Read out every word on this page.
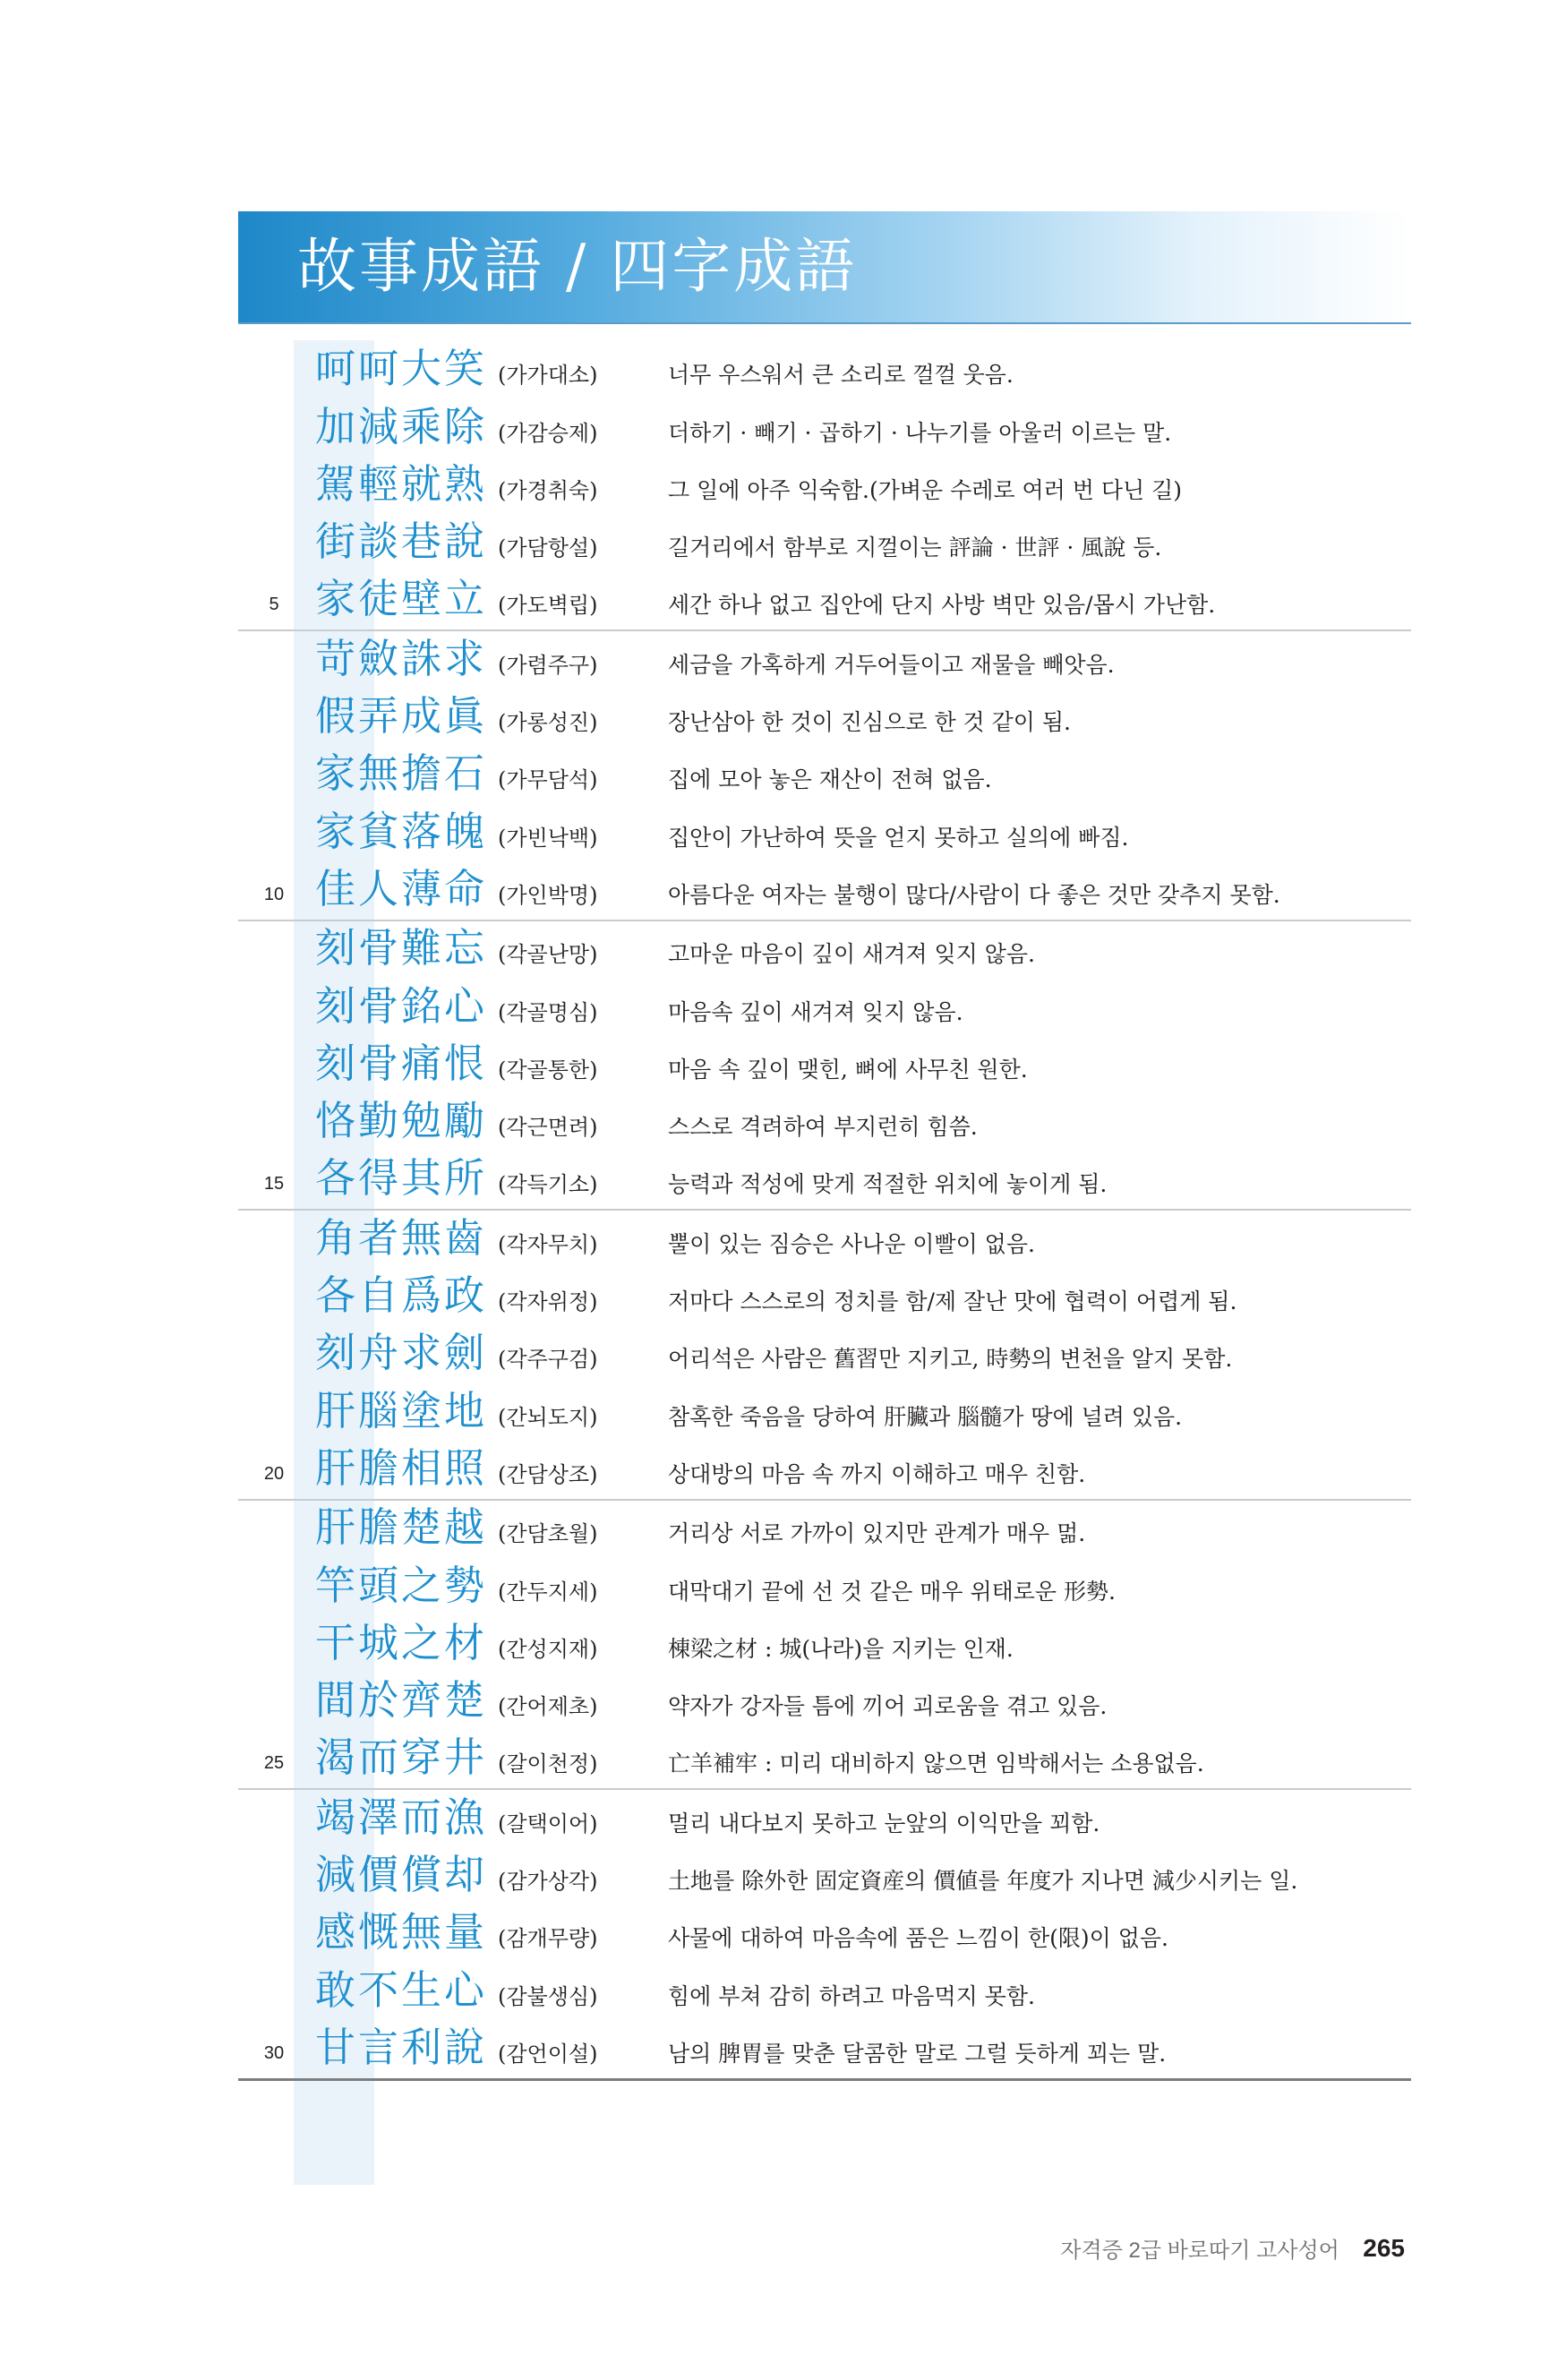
故事成語 / 四字成語
呵呵大笑 (가가대소)	너무 우스워서 큰 소리로 껄껄 웃음.
加減乘除 (가감승제)	더하기 · 빼기 · 곱하기 · 나누기를 아울러 이르는 말.
駕輕就熟 (가경취숙)	그 일에 아주 익숙함.(가벼운 수레로 여러 번 다닌 길)
街談巷說 (가담항설)	길거리에서 함부로 지껄이는 評論 · 世評 · 風說 등.
5 家徒壁立 (가도벽립)	세간 하나 없고 집안에 단지 사방 벽만 있음/몹시 가난함.
苛斂誅求 (가렴주구)	세금을 가혹하게 거두어들이고 재물을 빼앗음.
假弄成眞 (가롱성진)	장난삼아 한 것이 진심으로 한 것 같이 됨.
家無擔石 (가무담석)	집에 모아 놓은 재산이 전혀 없음.
家貧落魄 (가빈낙백)	집안이 가난하여 뜻을 얻지 못하고 실의에 빠짐.
10 佳人薄命 (가인박명)	아름다운 여자는 불행이 많다/사람이 다 좋은 것만 갖추지 못함.
刻骨難忘 (각골난망)	고마운 마음이 깊이 새겨져 잊지 않음.
刻骨銘心 (각골명심)	마음속 깊이 새겨져 잊지 않음.
刻骨痛恨 (각골통한)	마음 속 깊이 맺힌, 뼈에 사무친 원한.
恪勤勉勵 (각근면려)	스스로 격려하여 부지런히 힘씀.
15 各得其所 (각득기소)	능력과 적성에 맞게 적절한 위치에 놓이게 됨.
角者無齒 (각자무치)	뿔이 있는 짐승은 사나운 이빨이 없음.
各自爲政 (각자위정)	저마다 스스로의 정치를 함/제 잘난 맛에 협력이 어렵게 됨.
刻舟求劍 (각주구검)	어리석은 사람은 舊習만 지키고, 時勢의 변천을 알지 못함.
肝腦塗地 (간뇌도지)	참혹한 죽음을 당하여 肝臟과 腦髓가 땅에 널려 있음.
20 肝膽相照 (간담상조)	상대방의 마음 속 까지 이해하고 매우 친함.
肝膽楚越 (간담초월)	거리상 서로 가까이 있지만 관계가 매우 멂.
竿頭之勢 (간두지세)	대막대기 끝에 선 것 같은 매우 위태로운 形勢.
干城之材 (간성지재)	棟梁之材 : 城(나라)을 지키는 인재.
間於齊楚 (간어제초)	약자가 강자들 틈에 끼어 괴로움을 겪고 있음.
25 渴而穿井 (갈이천정)	亡羊補牢 : 미리 대비하지 않으면 임박해서는 소용없음.
竭澤而漁 (갈택이어)	멀리 내다보지 못하고 눈앞의 이익만을 꾀함.
減價償却 (감가상각)	土地를 除外한 固定資産의 價値를 年度가 지나면 減少시키는 일.
感慨無量 (감개무량)	사물에 대하여 마음속에 품은 느낌이 한(限)이 없음.
敢不生心 (감불생심)	힘에 부쳐 감히 하려고 마음먹지 못함.
30 甘言利說 (감언이설)	남의 脾胃를 맞춘 달콤한 말로 그럴 듯하게 꾀는 말.
자격증 2급 바로따기 고사성어 265
